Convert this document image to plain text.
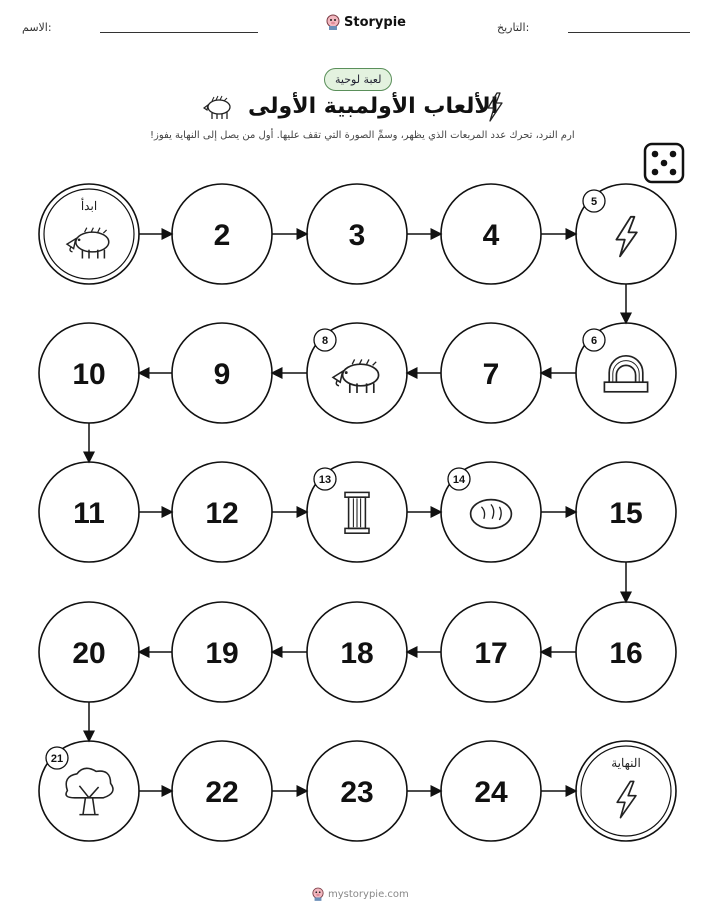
الاسم:	Storypie	التاريخ:
لعبة لوحية
الألعاب الأولمبية الأولى
ارم النرد، تحرك عدد المربعات الذي يظهر، وسمِّ الصورة التي تقف عليها. أول من يصل إلى النهاية يفوز!
ابدأ
2	3	4
5
10	9
8
7
6
11	12
13	14
15
20	19	18	17	16
21
22	23	24
النهاية
mystorypie.com
